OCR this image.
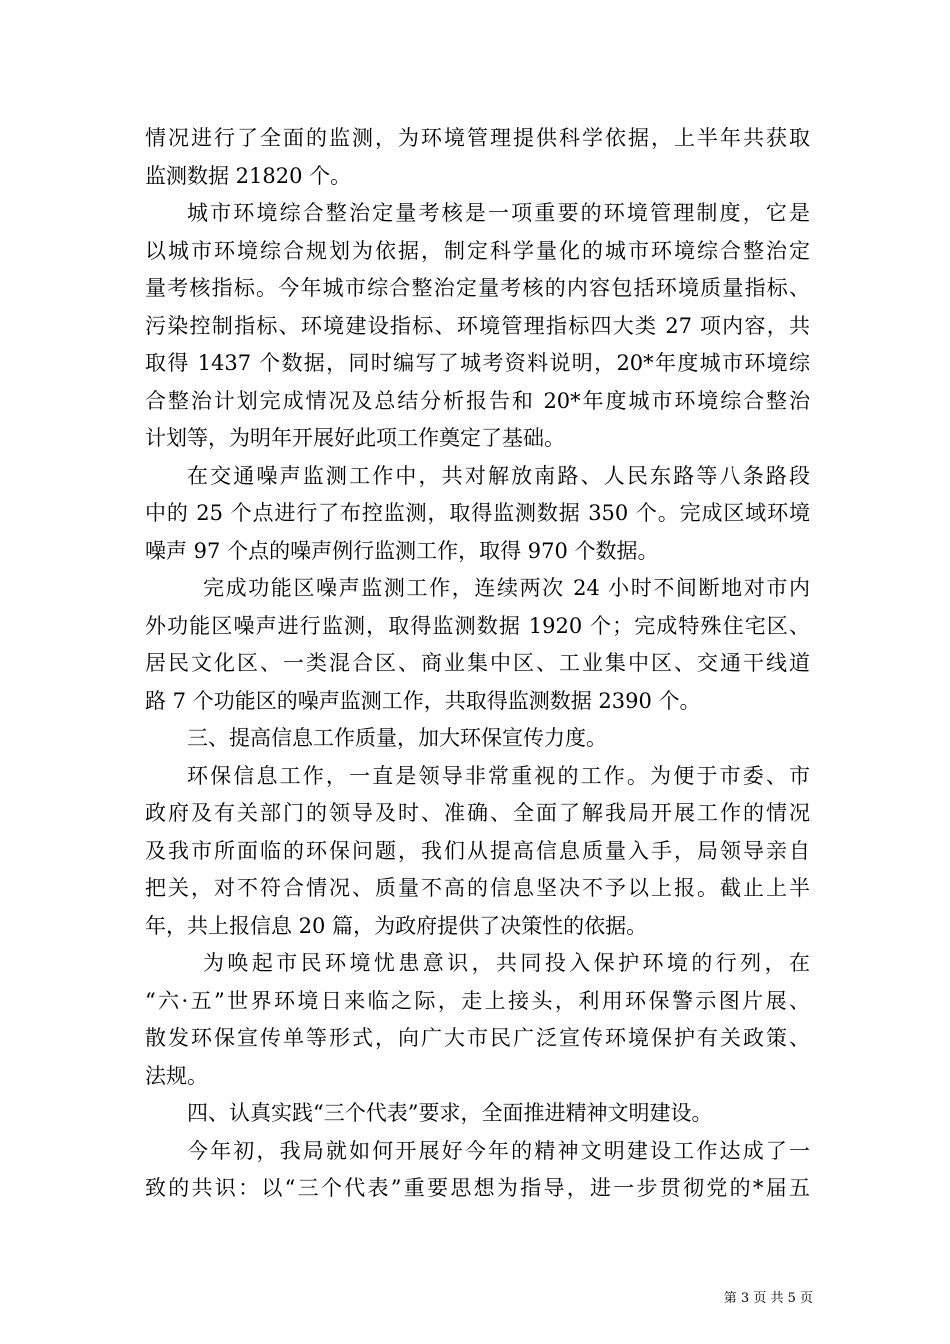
情况进行了全面的监测，为环境管理提供科学依据，上半年共获取
监测数据 21820 个。
城市环境综合整治定量考核是一项重要的环境管理制度，它是
以城市环境综合规划为依据，制定科学量化的城市环境综合整治定
量考核指标。今年城市综合整治定量考核的内容包括环境质量指标、
污染控制指标、环境建设指标、环境管理指标四大类 27 项内容，共
取得 1437 个数据，同时编写了城考资料说明，20*年度城市环境综
合整治计划完成情况及总结分析报告和 20*年度城市环境综合整治
计划等，为明年开展好此项工作奠定了基础。
在交通噪声监测工作中，共对解放南路、人民东路等八条路段
中的 25 个点进行了布控监测，取得监测数据 350 个。完成区域环境
噪声 97 个点的噪声例行监测工作，取得 970 个数据。
完成功能区噪声监测工作，连续两次 24 小时不间断地对市内
外功能区噪声进行监测，取得监测数据 1920 个；完成特殊住宅区、
居民文化区、一类混合区、商业集中区、工业集中区、交通干线道
路 7 个功能区的噪声监测工作，共取得监测数据 2390 个。
三、提高信息工作质量，加大环保宣传力度。
环保信息工作，一直是领导非常重视的工作。为便于市委、市
政府及有关部门的领导及时、准确、全面了解我局开展工作的情况
及我市所面临的环保问题，我们从提高信息质量入手，局领导亲自
把关，对不符合情况、质量不高的信息坚决不予以上报。截止上半
年，共上报信息 20 篇，为政府提供了决策性的依据。
为唤起市民环境忧患意识，共同投入保护环境的行列，在
“六·五”世界环境日来临之际，走上接头，利用环保警示图片展、
散发环保宣传单等形式，向广大市民广泛宣传环境保护有关政策、
法规。
四、认真实践“三个代表”要求，全面推进精神文明建设。
今年初，我局就如何开展好今年的精神文明建设工作达成了一
致的共识：以“三个代表”重要思想为指导，进一步贯彻党的*届五
第 3 页 共 5 页
